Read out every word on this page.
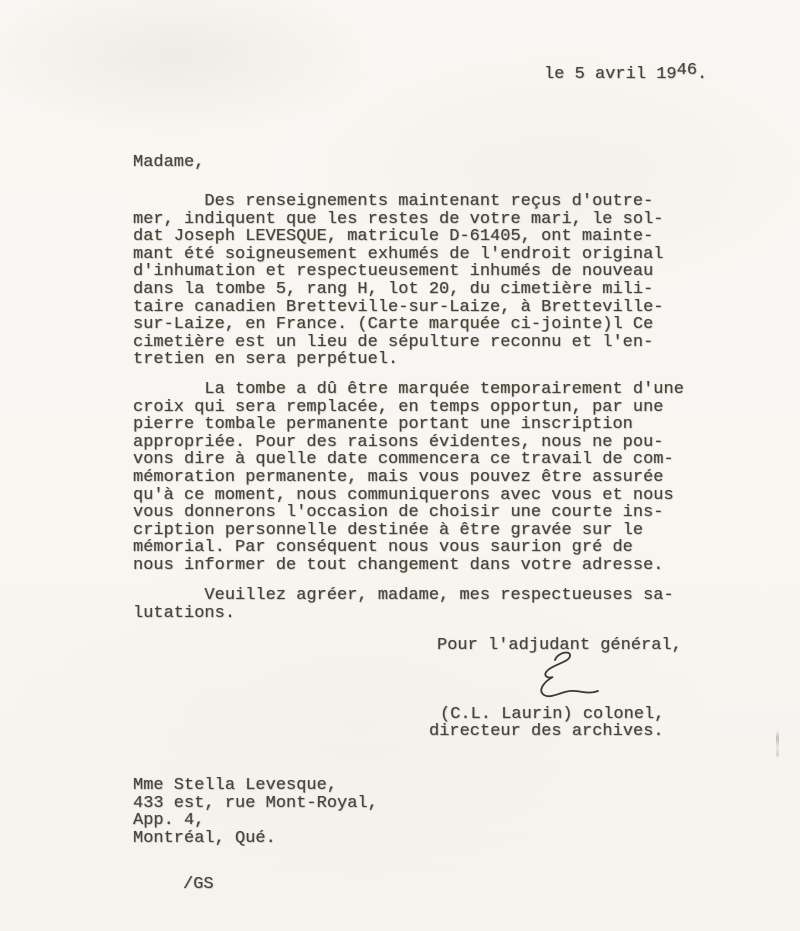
le 5 avril 1946.
Madame,
Des renseignements maintenant reçus d'outre-
mer, indiquent que les restes de votre mari, le sol-
dat Joseph LEVESQUE, matricule D-61405, ont mainte-
mant été soigneusement exhumés de l'endroit original
d'inhumation et respectueusement inhumés de nouveau
dans la tombe 5, rang H, lot 20, du cimetière mili-
taire canadien Bretteville-sur-Laize, à Bretteville-
sur-Laize, en France. (Carte marquée ci-jointe)l Ce
cimetière est un lieu de sépulture reconnu et l'en-
tretien en sera perpétuel.
La tombe a dû être marquée temporairement d'une
croix qui sera remplacée, en temps opportun, par une
pierre tombale permanente portant une inscription
appropriée. Pour des raisons évidentes, nous ne pou-
vons dire à quelle date commencera ce travail de com-
mémoration permanente, mais vous pouvez être assurée
qu'à ce moment, nous communiquerons avec vous et nous
vous donnerons l'occasion de choisir une courte ins-
cription personnelle destinée à être gravée sur le
mémorial. Par conséquent nous vous saurion gré de
nous informer de tout changement dans votre adresse.
Veuillez agréer, madame, mes respectueuses sa-
lutations.
Pour l'adjudant général,
(C.L. Laurin) colonel,
directeur des archives.
Mme Stella Levesque,
433 est, rue Mont-Royal,
App. 4,
Montréal, Qué.
/GS
